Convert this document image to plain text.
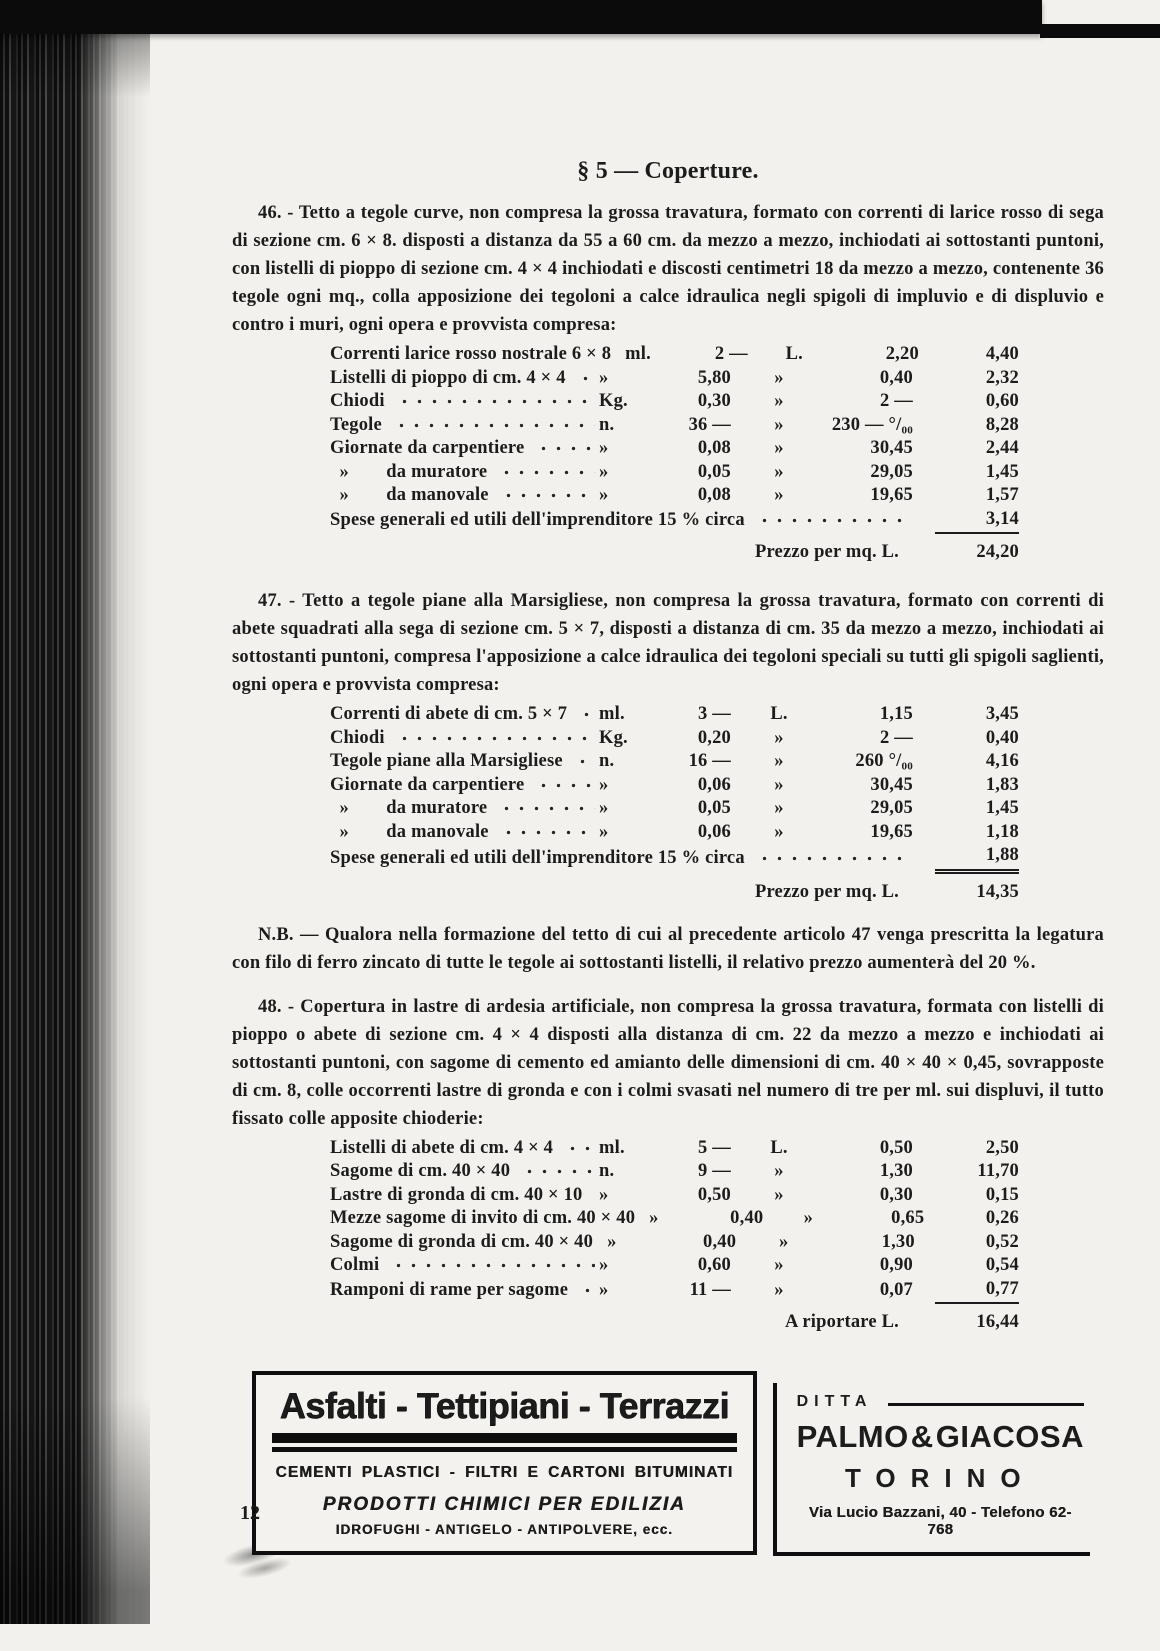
§ 5 — Coperture.

46. - Tetto a tegole curve, non compresa la grossa travatura, formato con correnti di larice rosso di sega di sezione cm. 6 × 8. disposti a distanza da 55 a 60 cm. da mezzo a mezzo, inchiodati ai sottostanti puntoni, con listelli di pioppo di sezione cm. 4 × 4 inchiodati e discosti centimetri 18 da mezzo a mezzo, contenente 36 tegole ogni mq., colla apposizione dei tegoloni a calce idraulica negli spigoli di impluvio e di displuvio e contro i muri, ogni opera e provvista compresa:

Correnti larice rosso nostrale 6 × 8 ml.	2 —	L.	2,20	4,40
Listelli di pioppo di cm. 4 × 4 »	5,80	»	0,40	2,32
Chiodi	Kg.	0,30	»	2 —	0,60
Tegole	n.	36 —	»	230 — °/₀₀	8,28
Giornate da carpentiere	»	0,08	»	30,45	2,44
 »  da muratore	»	0,05	»	29,05	1,45
 »  da manovale	»	0,08	»	19,65	1,57
Spese generali ed utili dell'imprenditore 15 % circa	3,14
Prezzo per mq. L.	24,20

47. - Tetto a tegole piane alla Marsigliese, non compresa la grossa travatura, formato con correnti di abete squadrati alla sega di sezione cm. 5 × 7, disposti a distanza di cm. 35 da mezzo a mezzo, inchiodati ai sottostanti puntoni, compresa l'apposizione a calce idraulica dei tegoloni speciali su tutti gli spigoli saglienti, ogni opera e provvista compresa:

Correnti di abete di cm. 5 × 7 ml.	3 —	L.	1,15	3,45
Chiodi	Kg.	0,20	»	2 —	0,40
Tegole piane alla Marsigliese n.	16 —	»	260 °/₀₀	4,16
Giornate da carpentiere	»	0,06	»	30,45	1,83
 »  da muratore	»	0,05	»	29,05	1,45
 »  da manovale	»	0,06	»	19,65	1,18
Spese generali ed utili dell'imprenditore 15 % circa	1,88
Prezzo per mq. L.	14,35

N.B. — Qualora nella formazione del tetto di cui al precedente articolo 47 venga prescritta la legatura con filo di ferro zincato di tutte le tegole ai sottostanti listelli, il relativo prezzo aumenterà del 20 %.

48. - Copertura in lastre di ardesia artificiale, non compresa la grossa travatura, formata con listelli di pioppo o abete di sezione cm. 4 × 4 disposti alla distanza di cm. 22 da mezzo a mezzo e inchiodati ai sottostanti puntoni, con sagome di cemento ed amianto delle dimensioni di cm. 40 × 40 × 0,45, sovrapposte di cm. 8, colle occorrenti lastre di gronda e con i colmi svasati nel numero di tre per ml. sui displuvi, il tutto fissato colle apposite chioderie:

Listelli di abete di cm. 4 × 4 ml.	5 —	L.	0,50	2,50
Sagome di cm. 40 × 40	n.	9 —	»	1,30	11,70
Lastre di gronda di cm. 40 × 10 »	0,50	»	0,30	0,15
Mezze sagome di invito di cm. 40 × 40 »	0,40	»	0,65	0,26
Sagome di gronda di cm. 40 × 40 »	0,40	»	1,30	0,52
Colmi	»	0,60	»	0,90	0,54
Ramponi di rame per sagome »	11 —	»	0,07	0,77
A riportare L.	16,44
Asfalti - Tettipiani - Terrazzi
CEMENTI PLASTICI - FILTRI E CARTONI BITUMINATI
PRODOTTI CHIMICI PER EDILIZIA
IDROFUGHI - ANTIGELO - ANTIPOLVERE, ecc.
DITTA
PALMO & GIACOSA
TORINO
Via Lucio Bazzani, 40 - Telefono 62-768
12
